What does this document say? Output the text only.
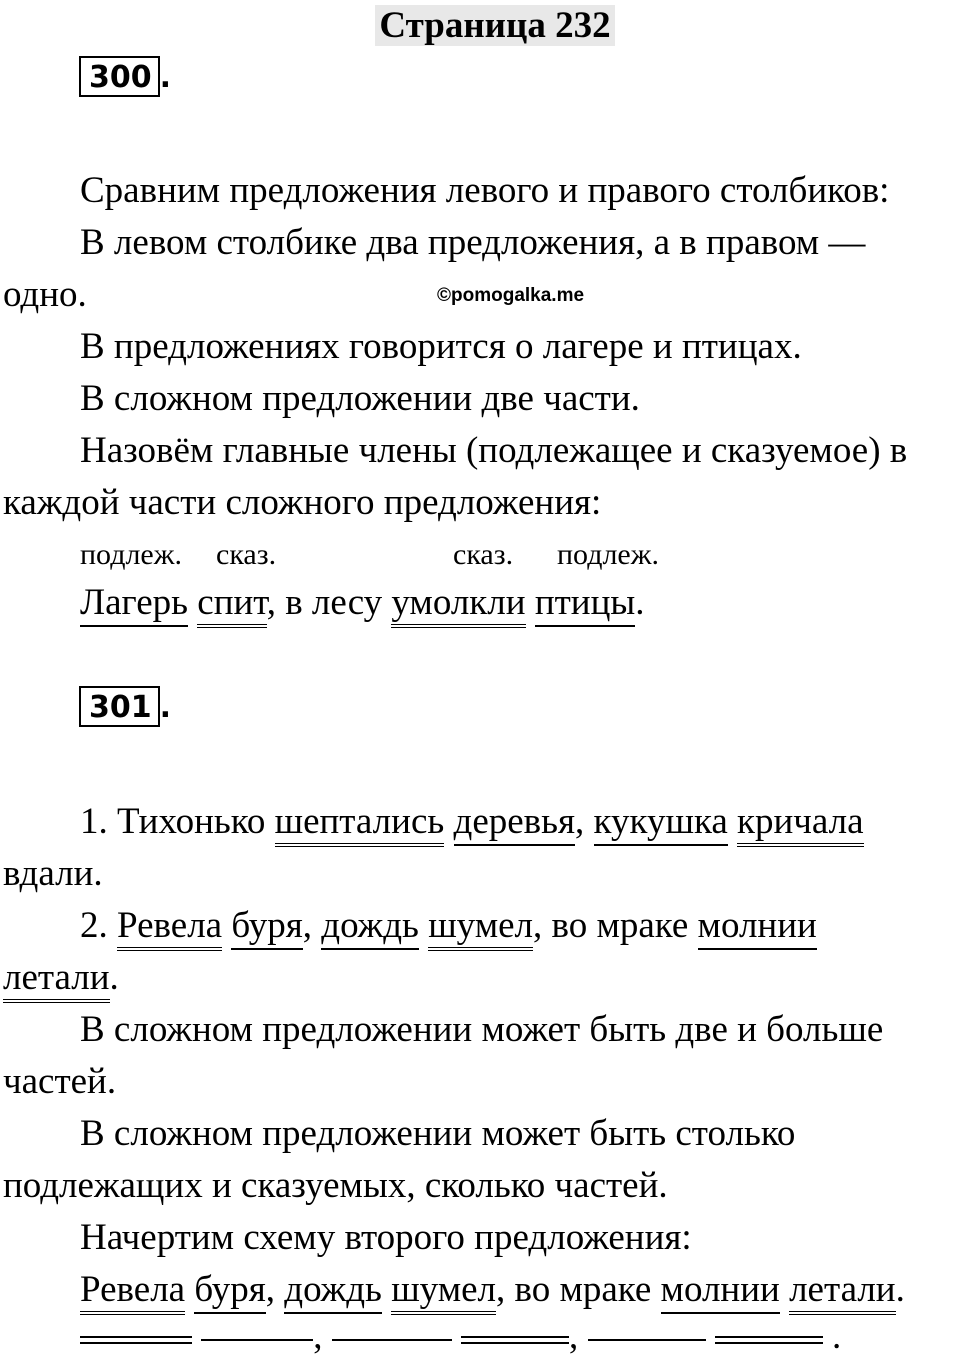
Страница 232
300 .
Сравним предложения левого и правого столбиков:
В левом столбике два предложения, а в правом —
одно.	©pomogalka.me
В предложениях говорится о лагере и птицах.
В сложном предложении две части.
Назовём главные члены (подлежащее и сказуемое) в
каждой части сложного предложения:
подлеж. сказ.	сказ. подлеж.
Лагерь спит, в лесу умолкли птицы.
301 .
1. Тихонько шептались деревья, кукушка кричала
вдали.
2. Ревела буря, дождь шумел, во мраке молнии
летали.
В сложном предложении может быть две и больше
частей.
В сложном предложении может быть столько
подлежащих и сказуемых, сколько частей.
Начертим схему второго предложения:
Ревела буря, дождь шумел, во мраке молнии летали.
,	,	.
